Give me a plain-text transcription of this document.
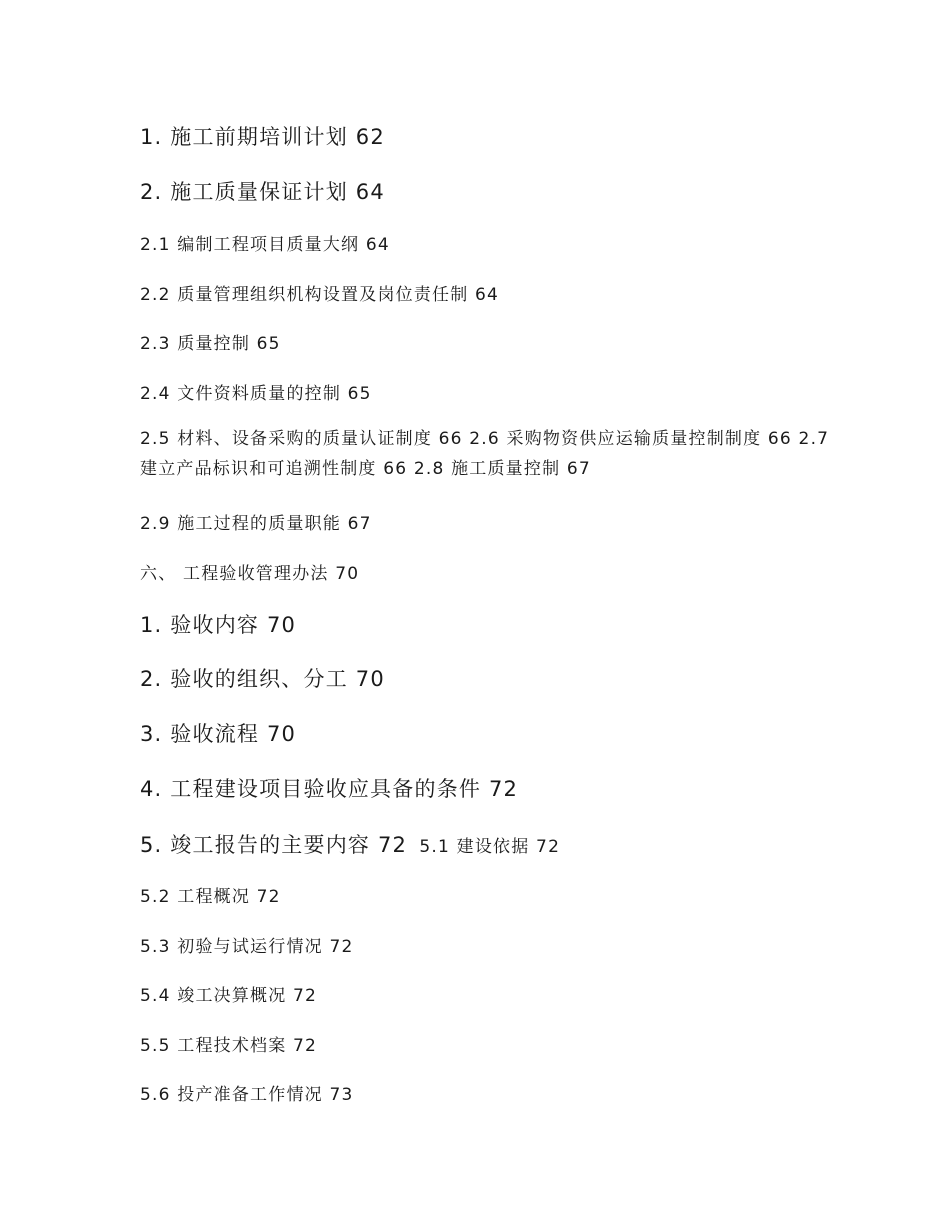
1. 施工前期培训计划 62
2. 施工质量保证计划 64
2.1 编制工程项目质量大纲 64
2.2 质量管理组织机构设置及岗位责任制 64
2.3 质量控制 65
2.4 文件资料质量的控制 65
2.5 材料、设备采购的质量认证制度 66 2.6 采购物资供应运输质量控制制度 66 2.7 建立产品标识和可追溯性制度 66 2.8 施工质量控制 67
2.9 施工过程的质量职能 67
六、 工程验收管理办法 70
1. 验收内容 70
2. 验收的组织、分工 70
3. 验收流程 70
4. 工程建设项目验收应具备的条件 72
5. 竣工报告的主要内容 72 5.1 建设依据 72
5.2 工程概况 72
5.3 初验与试运行情况 72
5.4 竣工决算概况 72
5.5 工程技术档案 72
5.6 投产准备工作情况 73
